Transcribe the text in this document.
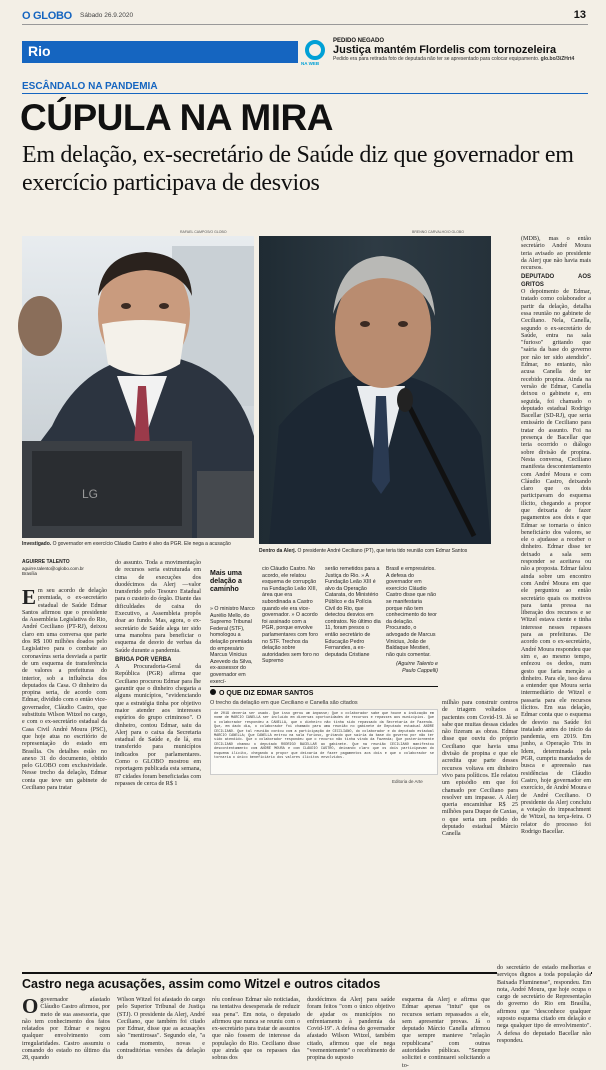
O GLOBO Sábado 26.9.2020	13
Rio
NA WEB
PEDIDO NEGADO
Justiça mantém Flordelis com tornozeleira
Pedido era para retirada foto de deputada não ter se apresentado para colocar equipamento. glo.bo/3iZHrt4
ESCÂNDALO NA PANDEMIA
CÚPULA NA MIRA
Em delação, ex-secretário de Saúde diz que governador em exercício participava de desvios
LG
RAFAEL CAMPOS/O GLOBO
Investigado. O governador em exercício Cláudio Castro é alvo da PGR. Ele nega a acusação
BRENNO CARVALHO/O GLOBO
Dentro da Alerj. O presidente André Ceciliano (PT), que teria tido reunião com Edmar Santos
AGUIRRE TALENTO
aguirre.talento@oglobo.com.br
Brasília
E m seu acordo de delação premiada, o ex-secretário estadual de Saúde Edmar Santos afirmou que o presidente da Assembleia Legislativa do Rio, André Ceciliano (PT-RJ), deixou claro em uma conversa que parte dos R$ 100 milhões doados pelo Legislativo para o combate ao coronavírus seria desviada a partir de um esquema de transferência de valores a prefeituras do interior, sob a influência dos deputados da Casa. O dinheiro da propina seria, de acordo com Edmar, dividido com o então vice-governador, Cláudio Castro, que substituiu Wilson Witzel no cargo, e com o ex-secretário estadual da Casa Civil André Moura (PSC), que hoje atua no escritório de representação do estado em Brasília. Os detalhes estão no anexo 31 do documento, obtido pelo GLOBO com exclusividade. Nesse trecho da delação, Edmar conta que teve um gabinete de Ceciliano para tratar

do assunto. Toda a movimentação de recursos seria estruturada em cima de execuções dos duodécimos da Alerj —valor transferido pelo Tesouro Estadual para o custeio do órgão. Diante das dificuldades de caixa do Executivo, a Assembleia propôs doar ao fundo. Mas, agora, o ex-secretário de Saúde alega ter sido uma manobra para beneficiar o esquema de desvio de verbas da Saúde durante a pandemia.

BRIGA POR VERBA

A Procuradoria-Geral da República (PGR) afirma que Ceciliano procurou Edmar para lhe garantir que o dinheiro chegaria a alguns municípios, "evidenciando que a estratégia tinha por objetivo maior atender aos interesses espúrios do grupo criminoso". O dinheiro, contou Edmar, saiu da Alerj para o caixa da Secretaria estadual de Saúde e, de lá, era transferido para municípios indicados por parlamentares. Como o GLOBO mostrou em reportagem publicada esta semana, 87 cidades foram beneficiadas com repasses de cerca de R$ 1

Mais uma delação a caminho

» O ministro Marco Aurélio Mello, do Supremo Tribunal Federal (STF), homologou a delação premiada do empresário Marcus Vinicius Azevedo da Silva, ex-assessor do governador em exercí-

cio Cláudio Castro. No acordo, ele relatou esquema de corrupção na Fundação Leão XIII, área que era subordinada a Castro quando ele era vice-governador. » O acordo foi assinado com a PGR, porque envolve parlamentares com foro no STF. Trechos da delação sobre autoridades sem foro no Supremo

serão remetidos para a Justiça do Rio. » A Fundação Leão XIII é alvo da Operação Catarata, do Ministério Público e da Polícia Civil do Rio, que detectou desvios em contratos. No último dia 11, foram presos o então secretário de Educação Pedro Fernandes, a ex-deputada Cristiane

Brasil e empresários. A defesa do governador em exercício Cláudio Castro disse que não se manifestaria porque não tem conhecimento do teor da delação. Procurado, o advogado de Marcus Vinicius, João de Baldaque Mestieri, não quis comentar.

(Aguirre Talento e Paulo Cappelli)

O QUE DIZ EDMAR SANTOS
O trecho da delação em que Ceciliano e Canella são citados
de 2019 deveria ser usado. Que isso gerou um impasse; Que o colaborador sabe que houve a indicação em nome de MARCIO CANELLA ser incluído em diversas oportunidades de recursos e repasses aos municípios. Que o colaborador respondeu a CANELLA, que o dinheiro não tinha sido repassado da Secretaria de Fazenda. Que, em dado dia, o colaborador foi chamado para uma reunião no gabinete de Deputado estadual ANDRÉ CECILIANO. Que tal reunião contou com a participação de CECILIANO, do colaborador e do deputado estadual MARCIO CANELLA; Que CANELLA entrou na sala furioso, gritando que sairia da base do governo por não ter sido atendido. Que o colaborador respondeu que o recurso não tinha vindo da Fazenda; Que posteriormente CECILIANO chamou o deputado RODRIGO BACELLAR ao gabinete. Que na reunião CECILIANO manifestou descontentamento com ANDRÉ MOURA e com CLÁUDIO CASTRO, deixando claro que os dois participavam do esquema ilícito, chegando a propor que deixaria de fazer pagamentos aos dois e que o colaborador se tornaria o único beneficiário dos valores ilícitos envolvidos.
Editoria de Arte

milhão para construir centros de triagem voltados a pacientes com Covid-19. Já se sabe que muitas dessas cidades não fizeram as obras. Edmar disse que ouviu do próprio Ceciliano que havia uma divisão de propina e que ele acredita que parte desses recursos voltava em dinheiro vivo para políticos. Ele relatou um episódio em que foi chamado por Ceciliano para resolver um impasse. A Alerj queria encaminhar R$ 25 milhões para Duque de Caxias, o que seria um pedido do deputado estadual Márcio Canella

(MDB), mas o então secretário André Moura teria avisado ao presidente da Alerj que não havia mais recursos.

DEPUTADO AOS GRITOS

O depoimento de Edmar, tratado como colaborador a partir da delação, detalha essa reunião no gabinete de Ceciliano. Nela, Canella, segundo o ex-secretário de Saúde, entra na sala "furioso" gritando que "saíria da base do governo por não ter sido atendido". Edmar, no entanto, não acusa Canella de ter recebido propina. Ainda na versão de Edmar, Canella deixou o gabinete e, em seguida, foi chamado o deputado estadual Rodrigo Bacellar (SD-RJ), que seria emissário de Ceciliano para tratar do assunto. Foi na presença de Bacellar que teria ocorrido o diálogo sobre divisão de propina. Nesta conversa, Ceciliano manifesta descontentamento com André Moura e com Cláudio Castro, deixando claro que os dois participavam do esquema ilícito, chegando a propor que deixaria de fazer pagamentos aos dois e que Edmar se tornaria o único beneficiário dos valores, se ele o ajudasse a receber o dinheiro. Edmar disse ter deixado a sala sem responder se aceitava ou não a proposta. Edmar falou ainda sobre um encontro com André Moura em que ele perguntou ao então secretário quais os motivos para tanta pressa na liberação dos recursos e se Witzel estava ciente e tinha interesse nesses repasses para as prefeituras. De acordo com o ex-secretário, André Moura respondeu que sim e, ao mesmo tempo, enfezou os dedos, num gesto que faria menção a dinheiro. Para ele, isso dava a entender que Moura seria intermediário de Witzel e passaria para ele recursos ilícitos. Em sua delação, Edmar conta que o esquema de desvio na Saúde foi instalado antes do início da pandemia, em 2019. Em junho, a Operação Tris in Idem, determinada pela PGR, cumpriu mandados de busca e apreensão nas residências de Cláudio Castro, hoje governador em exercício, de André Moura e de André Ceciliano. O presidente da Alerj concluiu a votação do impeachment de Witzel, na terça-feira. O relator do processo foi Rodrigo Bacellar.

Castro nega acusações, assim como Witzel e outros citados
O governador afastado Cláudio Castro afirmou, por meio de sua assessoria, que não tem conhecimento dos fatos relatados por Edmar e negou qualquer envolvimento com irregularidades. Castro assumiu o comando do estado no último dia 28, quando

Wilson Witzel foi afastado do cargo pelo Superior Tribunal de Justiça (STJ). O presidente da Alerj, André Ceciliano, que também foi citado por Edmar, disse que as acusações são "mentirosas". Segundo ele, "a cada momento, novas e contraditórias versões da delação do

réu confesso Edmar são noticiadas, na tentativa desesperada de reduzir sua pena". Em nota, o deputado afirmou que nunca se reuniu com o ex-secretário para tratar de assuntos que não fossem de interesse da população do Rio. Ceciliano disse que ainda que os repasses das sobras dos

duodécimos da Alerj para saúde foram feitos "com o único objetivo de ajudar os municípios no enfrentamento à pandemia da Covid-19". A defesa do governador afastado Wilson Witzel, também citado, afirmou que ele nega "veementemente" o recebimento de propina do suposto

esquema da Alerj e afirma que Edmar apenas "intui" que os recursos seriam repassados a ele, sem apresentar provas. Já o deputado Márcio Canella afirmou que sempre manteve "relação republicana" com outras autoridades públicas. "Sempre solicitei e continuarei solicitando a to-

do secretário de estado melhorias e serviços dignos a toda população da Baixada Fluminense", respondeu. Em nota, André Moura, que hoje ocupa o cargo de secretário de Representação do governo do Rio em Brasília, afirmou que "desconhece qualquer suposto esquema citado em delação e nega qualquer tipo de envolvimento". A defesa do deputado Bacellar não respondeu.
